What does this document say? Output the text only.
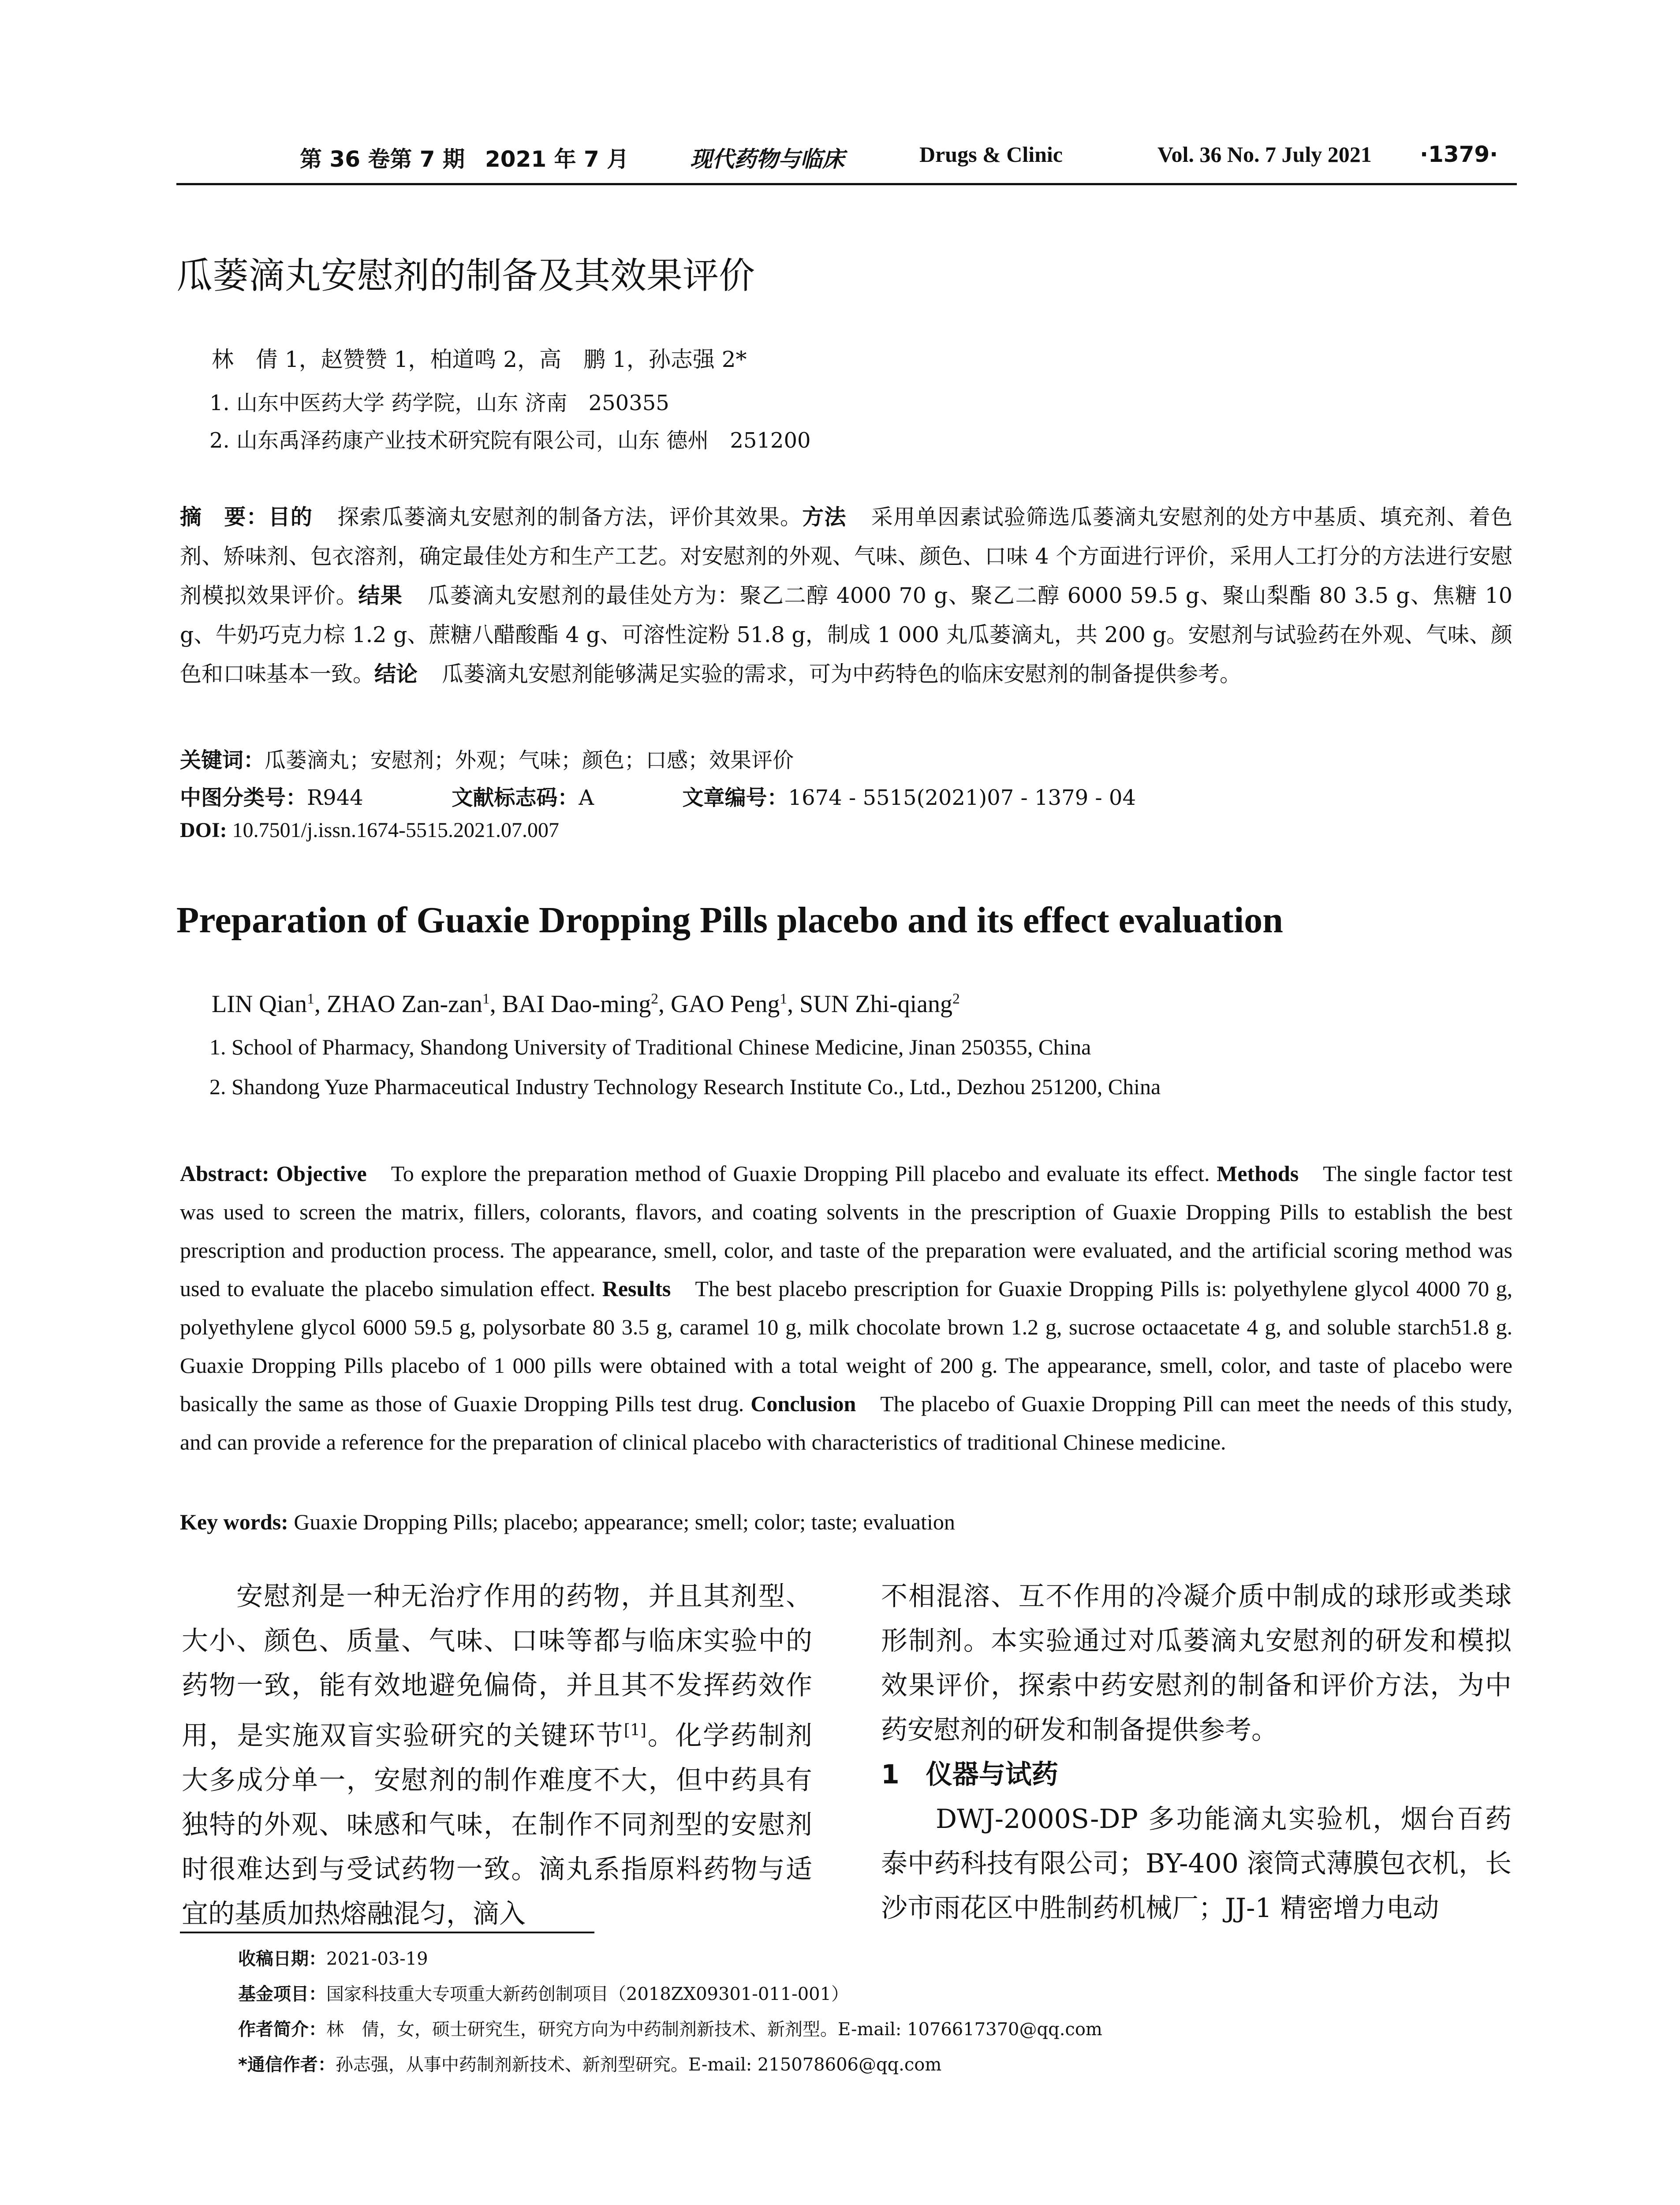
第 36 卷第 7 期 2021 年 7 月	现代药物与临床	Drugs & Clinic	Vol. 36 No. 7 July 2021 ·1379·
瓜蒌滴丸安慰剂的制备及其效果评价
林　倩 1，赵赞赞 1，柏道鸣 2，高　鹏 1，孙志强 2*
1. 山东中医药大学 药学院，山东 济南　250355
2. 山东禹泽药康产业技术研究院有限公司，山东 德州　251200
摘　要：目的 探索瓜蒌滴丸安慰剂的制备方法，评价其效果。方法 采用单因素试验筛选瓜蒌滴丸安慰剂的处方中基质、填充剂、着色剂、矫味剂、包衣溶剂，确定最佳处方和生产工艺。对安慰剂的外观、气味、颜色、口味 4 个方面进行评价，采用人工打分的方法进行安慰剂模拟效果评价。结果 瓜蒌滴丸安慰剂的最佳处方为：聚乙二醇 4000 70 g、聚乙二醇 6000 59.5 g、聚山梨酯 80 3.5 g、焦糖 10 g、牛奶巧克力棕 1.2 g、蔗糖八醋酸酯 4 g、可溶性淀粉 51.8 g，制成 1 000 丸瓜蒌滴丸，共 200 g。安慰剂与试验药在外观、气味、颜色和口味基本一致。结论 瓜蒌滴丸安慰剂能够满足实验的需求，可为中药特色的临床安慰剂的制备提供参考。
关键词：瓜蒌滴丸；安慰剂；外观；气味；颜色；口感；效果评价
中图分类号：R944	文献标志码：A	文章编号：1674 - 5515(2021)07 - 1379 - 04
DOI: 10.7501/j.issn.1674-5515.2021.07.007
Preparation of Guaxie Dropping Pills placebo and its effect evaluation
LIN Qian$^1$, ZHAO Zan-zan$^1$, BAI Dao-ming$^2$, GAO Peng$^1$, SUN Zhi-qiang$^2$
1. School of Pharmacy, Shandong University of Traditional Chinese Medicine, Jinan 250355, China
2. Shandong Yuze Pharmaceutical Industry Technology Research Institute Co., Ltd., Dezhou 251200, China
Abstract: Objective To explore the preparation method of Guaxie Dropping Pill placebo and evaluate its effect. Methods The single factor test was used to screen the matrix, fillers, colorants, flavors, and coating solvents in the prescription of Guaxie Dropping Pills to establish the best prescription and production process. The appearance, smell, color, and taste of the preparation were evaluated, and the artificial scoring method was used to evaluate the placebo simulation effect. Results The best placebo prescription for Guaxie Dropping Pills is: polyethylene glycol 4000 70 g, polyethylene glycol 6000 59.5 g, polysorbate 80 3.5 g, caramel 10 g, milk chocolate brown 1.2 g, sucrose octaacetate 4 g, and soluble starch51.8 g. Guaxie Dropping Pills placebo of 1 000 pills were obtained with a total weight of 200 g. The appearance, smell, color, and taste of placebo were basically the same as those of Guaxie Dropping Pills test drug. Conclusion The placebo of Guaxie Dropping Pill can meet the needs of this study, and can provide a reference for the preparation of clinical placebo with characteristics of traditional Chinese medicine.
Key words: Guaxie Dropping Pills; placebo; appearance; smell; color; taste; evaluation

安慰剂是一种无治疗作用的药物，并且其剂型、大小、颜色、质量、气味、口味等都与临床实验中的药物一致，能有效地避免偏倚，并且其不发挥药效作用，是实施双盲实验研究的关键环节[1]。化学药制剂大多成分单一，安慰剂的制作难度不大，但中药具有独特的外观、味感和气味，在制作不同剂型的安慰剂时很难达到与受试药物一致。滴丸系指原料药物与适宜的基质加热熔融混匀，滴入

不相混溶、互不作用的冷凝介质中制成的球形或类球形制剂。本实验通过对瓜蒌滴丸安慰剂的研发和模拟效果评价，探索中药安慰剂的制备和评价方法，为中药安慰剂的研发和制备提供参考。

1　仪器与试药

DWJ-2000S-DP 多功能滴丸实验机，烟台百药泰中药科技有限公司；BY-400 滚筒式薄膜包衣机，长沙市雨花区中胜制药机械厂；JJ-1 精密增力电动

收稿日期：2021-03-19
基金项目：国家科技重大专项重大新药创制项目（2018ZX09301-011-001）
作者简介：林　倩，女，硕士研究生，研究方向为中药制剂新技术、新剂型。E-mail: 1076617370@qq.com
*通信作者：孙志强，从事中药制剂新技术、新剂型研究。E-mail: 215078606@qq.com
